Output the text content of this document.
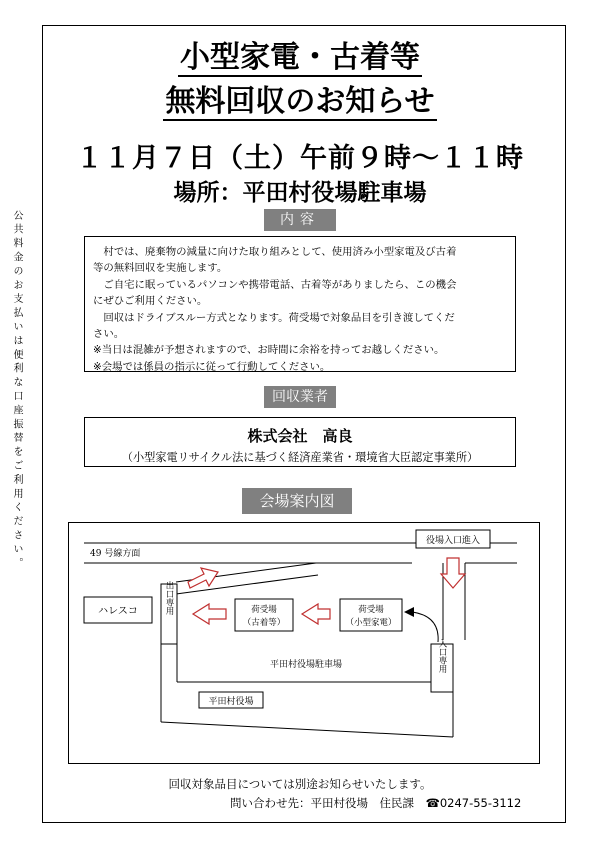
公共料金のお支払いは便利な口座振替をご利用ください。
小型家電・古着等
無料回収のお知らせ
１１月７日（土）午前９時～１１時
場所：平田村役場駐車場
内容

　村では、廃棄物の減量に向けた取り組みとして、使用済み小型家電及び古着

等の無料回収を実施します。

　ご自宅に眠っているパソコンや携帯電話、古着等がありましたら、この機会

にぜひご利用ください。

　回収はドライブスルー方式となります。荷受場で対象品目を引き渡してくだ

さい。

※当日は混雑が予想されますので、お時間に余裕を持ってお越しください。

※会場では係員の指示に従って行動してください。

回収業者
株式会社　高良
（小型家電リサイクル法に基づく経済産業省・環境省大臣認定事業所）
会場案内図
49 号線方面
役場入口進入
ハレスコ	出口専用	荷受場
（古着等）
荷受場
（小型家電）
入口専用
平田村役場駐車場
平田村役場
回収対象品目については別途お知らせいたします。
問い合わせ先：平田村役場　住民課　☎0247-55-3112
